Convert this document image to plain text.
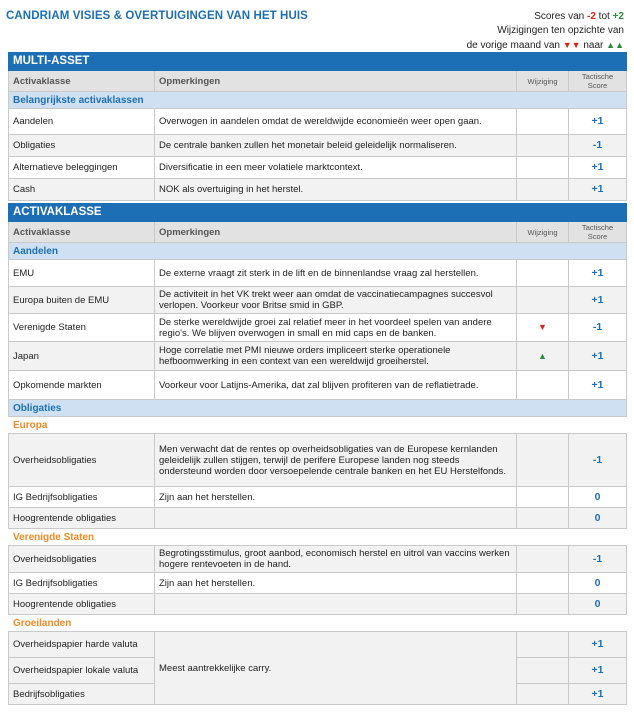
CANDRIAM VISIES & OVERTUIGINGEN VAN HET HUIS	Scores van -2 tot +2
Wijzigingen ten opzichte van
de vorige maand van ▼▼ naar ▲▲
MULTI-ASSET			
Activaklasse	Opmerkingen	Wijziging	Tactische Score
Belangrijkste activaklassen			
Aandelen	Overwogen in aandelen omdat de wereldwijde economieën weer open gaan.		+1
Obligaties	De centrale banken zullen het monetair beleid geleidelijk normaliseren.		-1
Alternatieve beleggingen	Diversificatie in een meer volatiele marktcontext.		+1
Cash	NOK als overtuiging in het herstel.		+1
ACTIVAKLASSE			
Activaklasse	Opmerkingen	Wijziging	Tactische Score
Aandelen			
EMU	De externe vraagt zit sterk in de lift en de binnenlandse vraag zal herstellen.		+1
Europa buiten de EMU	De activiteit in het VK trekt weer aan omdat de vaccinatiecampagnes succesvol verlopen. Voorkeur voor Britse smid in GBP.		+1
Verenigde Staten	De sterke wereldwijde groei zal relatief meer in het voordeel spelen van andere regio's. We blijven overwogen in small en mid caps en de banken.	▼	-1
Japan	Hoge correlatie met PMI nieuwe orders impliceert sterke operationele hefboomwerking in een context van een wereldwijd groeiherstel.	▲	+1
Opkomende markten	Voorkeur voor Latijns-Amerika, dat zal blijven profiteren van de reflatietrade.		+1
Obligaties			
Europa			
Overheidsobligaties	Men verwacht dat de rentes op overheidsobligaties van de Europese kernlanden geleidelijk zullen stijgen, terwijl de perifere Europese landen nog steeds ondersteund worden door versoepelende centrale banken en het EU Herstelfonds.		-1
IG Bedrijfsobligaties	Zijn aan het herstellen.		0
Hoogrentende obligaties			0
Verenigde Staten			
Overheidsobligaties	Begrotingsstimulus, groot aanbod, economisch herstel en uitrol van vaccins werken hogere rentevoeten in de hand.		-1
IG Bedrijfsobligaties	Zijn aan het herstellen.		0
Hoogrentende obligaties			0
Groeilanden			
Overheidspapier harde valuta	Meest aantrekkelijke carry.		+1
Overheidspapier lokale valuta			+1
Bedrijfsobligaties			+1
